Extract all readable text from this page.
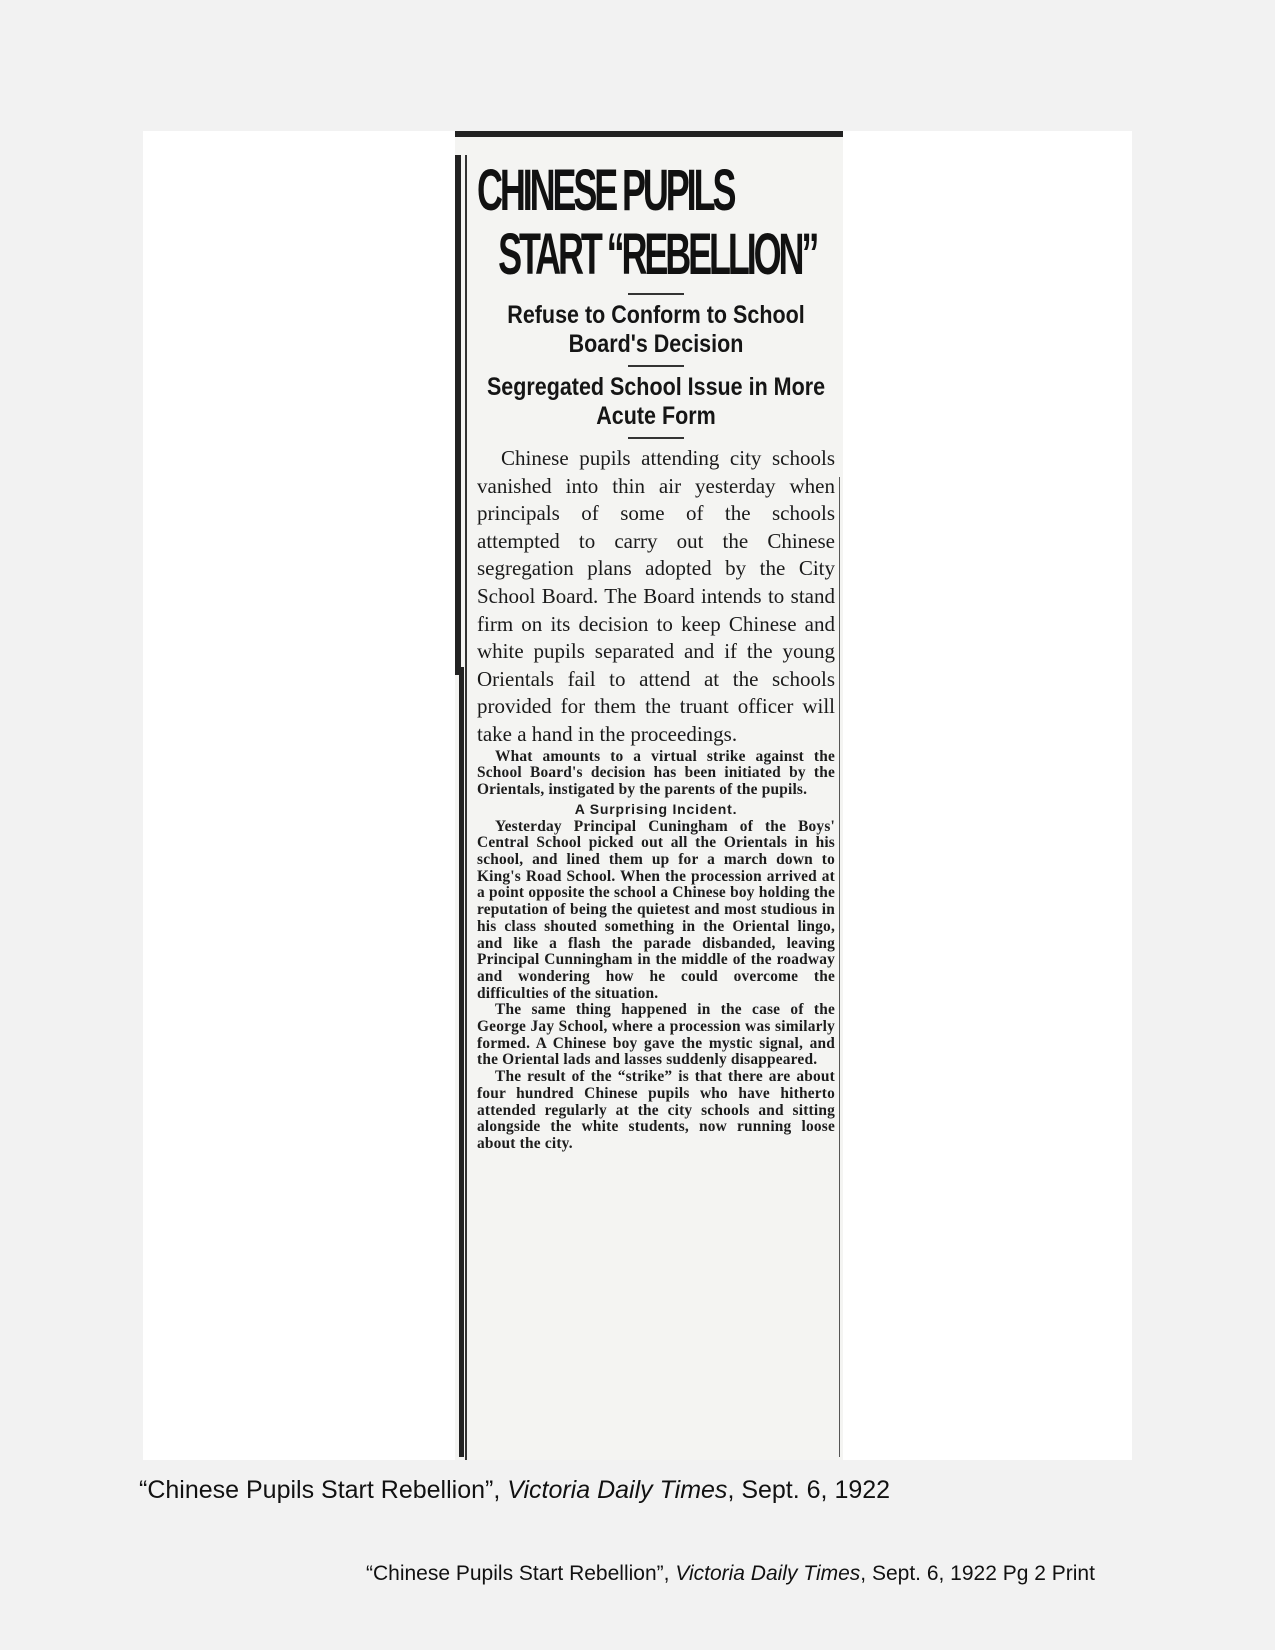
CHINESE PUPILS
START “REBELLION”
Refuse to Conform to School Board's Decision
Segregated School Issue in More Acute Form

Chinese pupils attending city schools vanished into thin air yesterday when principals of some of the schools attempted to carry out the Chinese segregation plans adopted by the City School Board. The Board intends to stand firm on its decision to keep Chinese and white pupils separated and if the young Orientals fail to attend at the schools provided for them the truant officer will take a hand in the proceedings.

What amounts to a virtual strike against the School Board's decision has been initiated by the Orientals, instigated by the parents of the pupils.

A Surprising Incident.

Yesterday Principal Cuningham of the Boys' Central School picked out all the Orientals in his school, and lined them up for a march down to King's Road School. When the procession arrived at a point opposite the school a Chinese boy holding the reputation of being the quietest and most studious in his class shouted something in the Oriental lingo, and like a flash the parade disbanded, leaving Principal Cunningham in the middle of the roadway and wondering how he could overcome the difficulties of the situation.

The same thing happened in the case of the George Jay School, where a procession was similarly formed. A Chinese boy gave the mystic signal, and the Oriental lads and lasses suddenly disappeared.

The result of the “strike” is that there are about four hundred Chinese pupils who have hitherto attended regularly at the city schools and sitting alongside the white students, now running loose about the city.

“Chinese Pupils Start Rebellion”, Victoria Daily Times, Sept. 6, 1922
“Chinese Pupils Start Rebellion”, Victoria Daily Times, Sept. 6, 1922 Pg 2 Print
